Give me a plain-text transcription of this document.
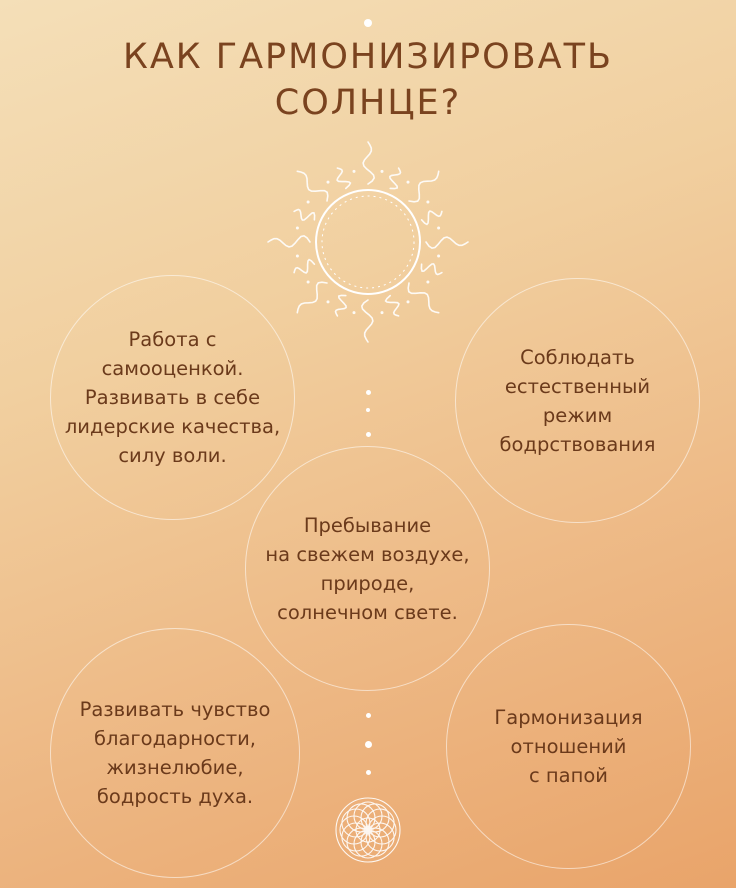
КАК ГАРМОНИЗИРОВАТЬ
СОЛНЦЕ?
Работа с
самооценкой.
Развивать в себе
лидерские качества,
силу воли.
Соблюдать
естественный
режим
бодрствования
Пребывание
на свежем воздухе,
природе,
солнечном свете.
Развивать чувство
благодарности,
жизнелюбие,
бодрость духа.
Гармонизация
отношений
с папой
